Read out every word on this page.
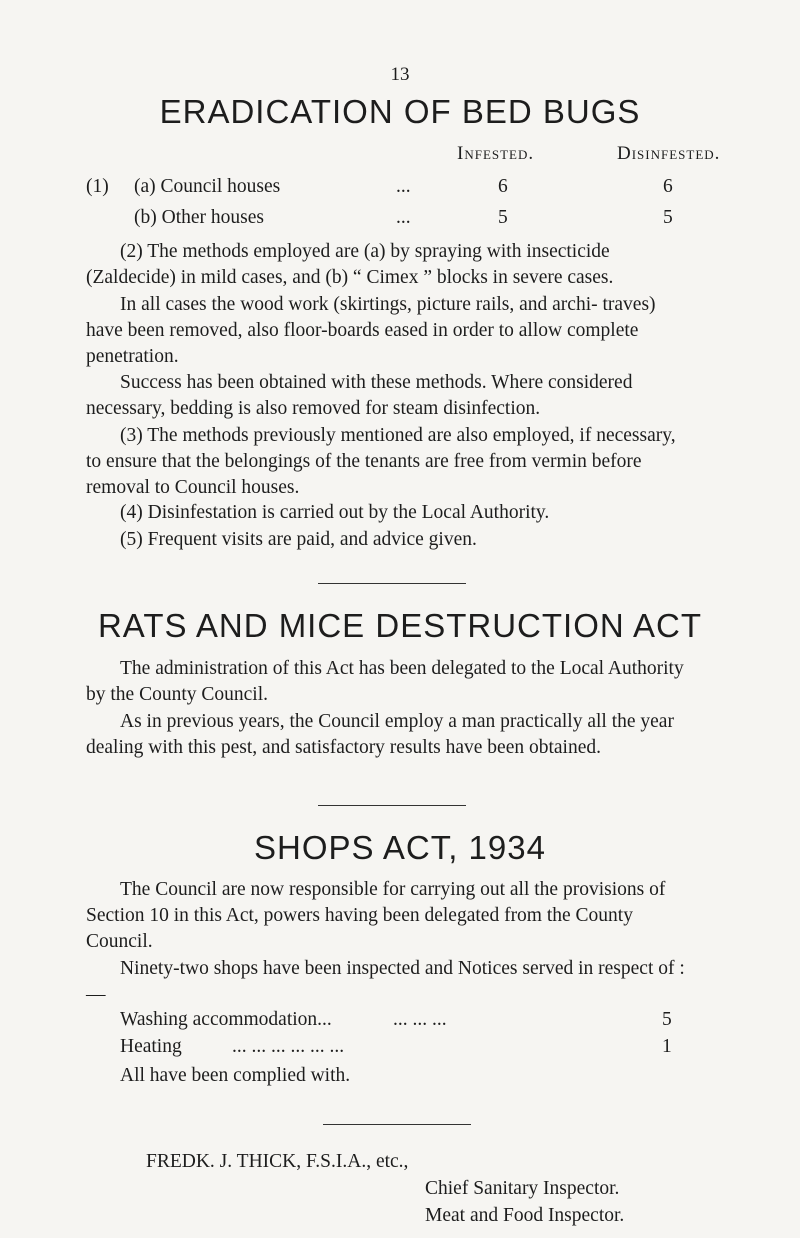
13
ERADICATION OF BED BUGS
Infested.	Disinfested.
(1) (a) Council houses	...	6	6
(b) Other houses	...	5	5

(2) The methods employed are (a) by spraying with insecticide (Zaldecide) in mild cases, and (b) “ Cimex ” blocks in severe cases.

In all cases the wood work (skirtings, picture rails, and archi- traves) have been removed, also floor-boards eased in order to allow complete penetration.

Success has been obtained with these methods. Where considered necessary, bedding is also removed for steam disinfection.

(3) The methods previously mentioned are also employed, if necessary, to ensure that the belongings of the tenants are free from vermin before removal to Council houses.

(4) Disinfestation is carried out by the Local Authority.

(5) Frequent visits are paid, and advice given.

RATS AND MICE DESTRUCTION ACT

The administration of this Act has been delegated to the Local Authority by the County Council.

As in previous years, the Council employ a man practically all the year dealing with this pest, and satisfactory results have been obtained.

SHOPS ACT, 1934

The Council are now responsible for carrying out all the provisions of Section 10 in this Act, powers having been delegated from the County Council.

Ninety-two shops have been inspected and Notices served in respect of :—

Washing accommodation...	... ... ...	5
Heating	... ... ... ... ... ...	1

All have been complied with.

FREDK. J. THICK, F.S.I.A., etc.,
Chief Sanitary Inspector.
Meat and Food Inspector.
